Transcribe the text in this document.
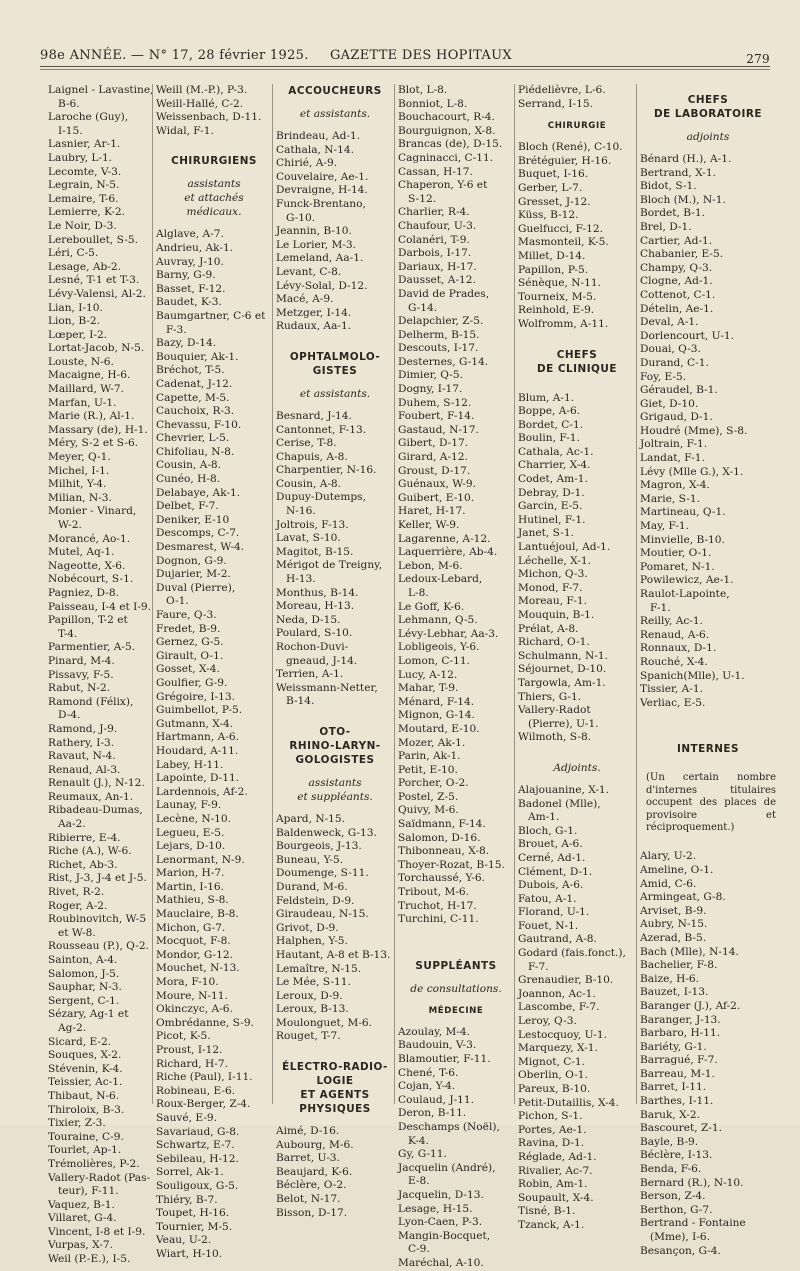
98e ANNÉE. — N° 17, 28 février 1925. GAZETTE DES HOPITAUX	279
Laignel - Lavastine,
B-6.
Laroche (Guy),
I-15.
Lasnier, Ar-1.
Laubry, L-1.
Lecomte, V-3.
Legrain, N-5.
Lemaire, T-6.
Lemierre, K-2.
Le Noir, D-3.
Lereboullet, S-5.
Léri, C-5.
Lesage, Ab-2.
Lesné, T-1 et T-3.
Lévy-Valensi, Al-2.
Lian, I-10.
Lion, B-2.
Lœper, I-2.
Lortat-Jacob, N-5.
Louste, N-6.
Macaigne, H-6.
Maillard, W-7.
Marfan, U-1.
Marie (R.), Al-1.
Massary (de), H-1.
Méry, S-2 et S-6.
Meyer, Q-1.
Michel, I-1.
Milhit, Y-4.
Milian, N-3.
Monier - Vinard,
W-2.
Morancé, Ao-1.
Mutel, Aq-1.
Nageotte, X-6.
Nobécourt, S-1.
Pagniez, D-8.
Paisseau, I-4 et I-9.
Papillon, T-2 et
T-4.
Parmentier, A-5.
Pinard, M-4.
Pissavy, F-5.
Rabut, N-2.
Ramond (Félix),
D-4.
Ramond, J-9.
Rathery, I-3.
Ravaut, N-4.
Renaud, Al-3.
Renault (J.), N-12.
Reumaux, An-1.
Ribadeau-Dumas,
Aa-2.
Ribierre, E-4.
Riche (A.), W-6.
Richet, Ab-3.
Rist, J-3, J-4 et J-5.
Rivet, R-2.
Roger, A-2.
Roubinovitch, W-5
et W-8.
Rousseau (P.), Q-2.
Sainton, A-4.
Salomon, J-5.
Sauphar, N-3.
Sergent, C-1.
Sézary, Ag-1 et
Ag-2.
Sicard, E-2.
Souques, X-2.
Stévenin, K-4.
Teissier, Ac-1.
Thibaut, N-6.
Thiroloix, B-3.
Tixier, Z-3.
Touraine, C-9.
Tourlet, Ap-1.
Trémolières, P-2.
Vallery-Radot (Pas-
teur), F-11.
Vaquez, B-1.
Villaret, G-4.
Vincent, I-8 et I-9.
Vurpas, X-7.
Weil (P.-E.), I-5.
Weill (M.-P.), P-3.
Weill-Hallé, C-2.
Weissenbach, D-11.
Widal, F-1.
CHIRURGIENS
assistants
et attachés médicaux.
Alglave, A-7.
Andrieu, Ak-1.
Auvray, J-10.
Barny, G-9.
Basset, F-12.
Baudet, K-3.
Baumgartner, C-6 et
F-3.
Bazy, D-14.
Bouquier, Ak-1.
Bréchot, T-5.
Cadenat, J-12.
Capette, M-5.
Cauchoix, R-3.
Chevassu, F-10.
Chevrier, L-5.
Chifoliau, N-8.
Cousin, A-8.
Cunéo, H-8.
Delabaye, Ak-1.
Delbet, F-7.
Deniker, E-10
Descomps, C-7.
Desmarest, W-4.
Dognon, G-9.
Dujarier, M-2.
Duval (Pierre),
O-1.
Faure, Q-3.
Fredet, B-9.
Gernez, G-5.
Girault, O-1.
Gosset, X-4.
Goulfier, G-9.
Grégoire, I-13.
Guimbellot, P-5.
Gutmann, X-4.
Hartmann, A-6.
Houdard, A-11.
Labey, H-11.
Lapointe, D-11.
Lardennois, Af-2.
Launay, F-9.
Lecène, N-10.
Legueu, E-5.
Lejars, D-10.
Lenormant, N-9.
Marion, H-7.
Martin, I-16.
Mathieu, S-8.
Mauclaire, B-8.
Michon, G-7.
Mocquot, F-8.
Mondor, G-12.
Mouchet, N-13.
Mora, F-10.
Moure, N-11.
Okinczyc, A-6.
Ombrédanne, S-9.
Picot, K-5.
Proust, I-12.
Richard, H-7.
Riche (Paul), I-11.
Robineau, E-6.
Roux-Berger, Z-4.
Sauvé, E-9.
Savariaud, G-8.
Schwartz, E-7.
Sebileau, H-12.
Sorrel, Ak-1.
Souligoux, G-5.
Thiéry, B-7.
Toupet, H-16.
Tournier, M-5.
Veau, U-2.
Wiart, H-10.
ACCOUCHEURS
et assistants.
Brindeau, Ad-1.
Cathala, N-14.
Chirié, A-9.
Couvelaire, Ae-1.
Devraigne, H-14.
Funck-Brentano,
G-10.
Jeannin, B-10.
Le Lorier, M-3.
Lemeland, Aa-1.
Levant, C-8.
Lévy-Solal, D-12.
Macé, A-9.
Metzger, I-14.
Rudaux, Aa-1.
OPHTALMOLO-
GISTES
et assistants.
Besnard, J-14.
Cantonnet, F-13.
Cerise, T-8.
Chapuis, A-8.
Charpentier, N-16.
Cousin, A-8.
Dupuy-Dutemps,
N-16.
Joltrois, F-13.
Lavat, S-10.
Magitot, B-15.
Mérigot de Treigny,
H-13.
Monthus, B-14.
Moreau, H-13.
Neda, D-15.
Poulard, S-10.
Rochon-Duvi-
gneaud, J-14.
Terrien, A-1.
Weissmann-Netter,
B-14.
OTO-
RHINO-LARYN-
GOLOGISTES
assistants
et suppléants.
Apard, N-15.
Baldenweck, G-13.
Bourgeois, J-13.
Buneau, Y-5.
Doumenge, S-11.
Durand, M-6.
Feldstein, D-9.
Giraudeau, N-15.
Grivot, D-9.
Halphen, Y-5.
Hautant, A-8 et B-13.
Lemaître, N-15.
Le Mée, S-11.
Leroux, D-9.
Leroux, B-13.
Moulonguet, M-6.
Rouget, T-7.
ÉLECTRO-RADIO-
LOGIE
ET AGENTS
PHYSIQUES
Aimé, D-16.
Aubourg, M-6.
Barret, U-3.
Beaujard, K-6.
Béclère, O-2.
Belot, N-17.
Bisson, D-17.
Blot, L-8.
Bonniot, L-8.
Bouchacourt, R-4.
Bourguignon, X-8.
Brancas (de), D-15.
Cagninacci, C-11.
Cassan, H-17.
Chaperon, Y-6 et
S-12.
Charlier, R-4.
Chaufour, U-3.
Colanéri, T-9.
Darbois, I-17.
Dariaux, H-17.
Dausset, A-12.
David de Prades,
G-14.
Delapchier, Z-5.
Delherm, B-15.
Descouts, I-17.
Desternes, G-14.
Dimier, Q-5.
Dogny, I-17.
Duhem, S-12.
Foubert, F-14.
Gastaud, N-17.
Gibert, D-17.
Girard, A-12.
Groust, D-17.
Guénaux, W-9.
Guibert, E-10.
Haret, H-17.
Keller, W-9.
Lagarenne, A-12.
Laquerrière, Ab-4.
Lebon, M-6.
Ledoux-Lebard,
L-8.
Le Goff, K-6.
Lehmann, Q-5.
Lévy-Lebhar, Aa-3.
Lobligeois, Y-6.
Lomon, C-11.
Lucy, A-12.
Mahar, T-9.
Ménard, F-14.
Mignon, G-14.
Moutard, E-10.
Mozer, Ak-1.
Parin, Ak-1.
Petit, E-10.
Porcher, O-2.
Postel, Z-5.
Quivy, M-6.
Saïdmann, F-14.
Salomon, D-16.
Thibonneau, X-8.
Thoyer-Rozat, B-15.
Torchaussé, Y-6.
Tribout, M-6.
Truchot, H-17.
Turchini, C-11.
SUPPLÉANTS
de consultations.
MÉDECINE
Azoulay, M-4.
Baudouin, V-3.
Blamoutier, F-11.
Chené, T-6.
Cojan, Y-4.
Coulaud, J-11.
Deron, B-11.
Deschamps (Noël),
K-4.
Gy, G-11.
Jacquelin (André),
E-8.
Jacquelin, D-13.
Lesage, H-15.
Lyon-Caen, P-3.
Mangin-Bocquet,
C-9.
Maréchal, A-10.
Piédelièvre, L-6.
Serrand, I-15.
CHIRURGIE
Bloch (René), C-10.
Brétéguier, H-16.
Buquet, I-16.
Gerber, L-7.
Gresset, J-12.
Küss, B-12.
Guelfucci, F-12.
Masmonteil, K-5.
Millet, D-14.
Papillon, P-5.
Sénèque, N-11.
Tourneix, M-5.
Reinhold, E-9.
Wolfromm, A-11.
CHEFS
DE CLINIQUE
Blum, A-1.
Boppe, A-6.
Bordet, C-1.
Boulin, F-1.
Cathala, Ac-1.
Charrier, X-4.
Codet, Am-1.
Debray, D-1.
Garcin, E-5.
Hutinel, F-1.
Janet, S-1.
Lantuéjoul, Ad-1.
Léchelle, X-1.
Michon, Q-3.
Monod, F-7.
Moreau, F-1.
Mouquin, B-1.
Prélat, A-8.
Richard, O-1.
Schulmann, N-1.
Séjournet, D-10.
Targowla, Am-1.
Thiers, G-1.
Vallery-Radot
(Pierre), U-1.
Wilmoth, S-8.
Adjoints.
Alajouanine, X-1.
Badonel (Mlle),
Am-1.
Bloch, G-1.
Brouet, A-6.
Cerné, Ad-1.
Clément, D-1.
Dubois, A-6.
Fatou, A-1.
Florand, U-1.
Fouet, N-1.
Gautrand, A-8.
Godard (fais.fonct.),
F-7.
Grenaudier, B-10.
Joannon, Ac-1.
Lascombe, F-7.
Leroy, Q-3.
Lestocquoy, U-1.
Marquezy, X-1.
Mignot, C-1.
Oberlin, O-1.
Pareux, B-10.
Petit-Dutaillis, X-4.
Pichon, S-1.
Portes, Ae-1.
Ravina, D-1.
Réglade, Ad-1.
Rivalier, Ac-7.
Robin, Am-1.
Soupault, X-4.
Tisné, B-1.
Tzanck, A-1.
CHEFS
DE LABORATOIRE
adjoints
Bénard (H.), A-1.
Bertrand, X-1.
Bidot, S-1.
Bloch (M.), N-1.
Bordet, B-1.
Brel, D-1.
Cartier, Ad-1.
Chabanier, E-5.
Champy, Q-3.
Clogne, Ad-1.
Cottenot, C-1.
Dételin, Ae-1.
Deval, A-1.
Dorlencourt, U-1.
Douai, Q-3.
Durand, C-1.
Foy, E-5.
Géraudel, B-1.
Giet, D-10.
Grigaud, D-1.
Houdré (Mme), S-8.
Joltrain, F-1.
Landat, F-1.
Lévy (Mlle G.), X-1.
Magron, X-4.
Marie, S-1.
Martineau, Q-1.
May, F-1.
Minvielle, B-10.
Moutier, O-1.
Pomaret, N-1.
Powilewicz, Ae-1.
Raulot-Lapointe,
F-1.
Reilly, Ac-1.
Renaud, A-6.
Ronnaux, D-1.
Rouché, X-4.
Spanich(Mlle), U-1.
Tissier, A-1.
Verliac, E-5.
INTERNES
(Un certain nombre d'internes titulaires occupent des places de provisoire et réciproquement.)
Alary, U-2.
Ameline, O-1.
Amid, C-6.
Armingeat, G-8.
Arviset, B-9.
Aubry, N-15.
Azerad, B-5.
Bach (Mlle), N-14.
Bachelier, F-8.
Baize, H-6.
Bauzet, I-13.
Baranger (J.), Af-2.
Baranger, J-13.
Barbaro, H-11.
Bariéty, G-1.
Barragué, F-7.
Barreau, M-1.
Barret, I-11.
Barthes, I-11.
Baruk, X-2.
Bascouret, Z-1.
Bayle, B-9.
Béclère, I-13.
Benda, F-6.
Bernard (R.), N-10.
Berson, Z-4.
Berthon, G-7.
Bertrand - Fontaine
(Mme), I-6.
Besançon, G-4.
